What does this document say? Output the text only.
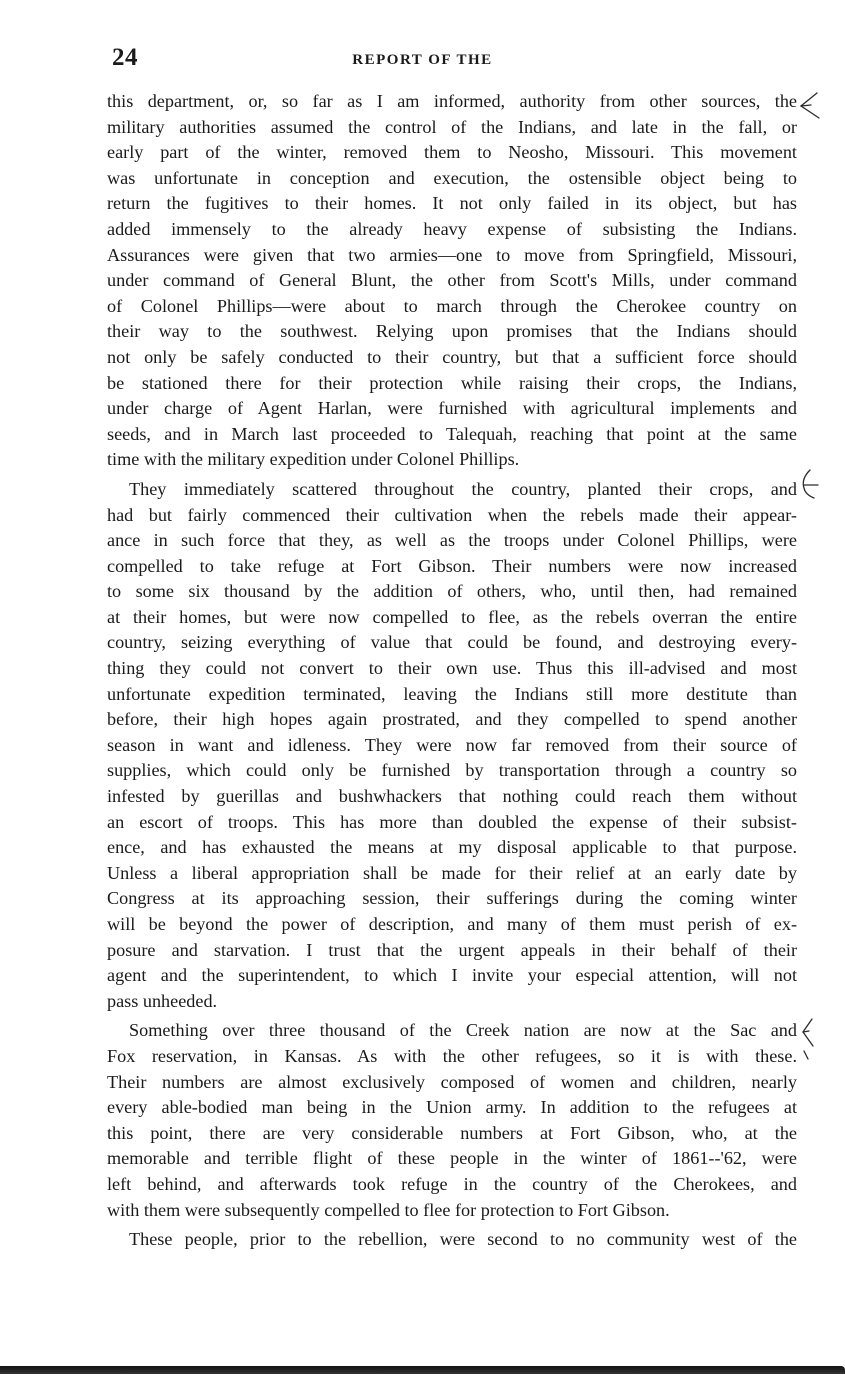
24	REPORT OF THE
this department, or, so far as I am informed, authority from other sources, the
military authorities assumed the control of the Indians, and late in the fall, or
early part of the winter, removed them to Neosho, Missouri. This movement
was unfortunate in conception and execution, the ostensible object being to
return the fugitives to their homes. It not only failed in its object, but has
added immensely to the already heavy expense of subsisting the Indians.
Assurances were given that two armies—one to move from Springfield, Missouri,
under command of General Blunt, the other from Scott's Mills, under command
of Colonel Phillips—were about to march through the Cherokee country on
their way to the southwest. Relying upon promises that the Indians should
not only be safely conducted to their country, but that a sufficient force should
be stationed there for their protection while raising their crops, the Indians,
under charge of Agent Harlan, were furnished with agricultural implements and
seeds, and in March last proceeded to Talequah, reaching that point at the same
time with the military expedition under Colonel Phillips.
They immediately scattered throughout the country, planted their crops, and
had but fairly commenced their cultivation when the rebels made their appear-
ance in such force that they, as well as the troops under Colonel Phillips, were
compelled to take refuge at Fort Gibson. Their numbers were now increased
to some six thousand by the addition of others, who, until then, had remained
at their homes, but were now compelled to flee, as the rebels overran the entire
country, seizing everything of value that could be found, and destroying every-
thing they could not convert to their own use. Thus this ill-advised and most
unfortunate expedition terminated, leaving the Indians still more destitute than
before, their high hopes again prostrated, and they compelled to spend another
season in want and idleness. They were now far removed from their source of
supplies, which could only be furnished by transportation through a country so
infested by guerillas and bushwhackers that nothing could reach them without
an escort of troops. This has more than doubled the expense of their subsist-
ence, and has exhausted the means at my disposal applicable to that purpose.
Unless a liberal appropriation shall be made for their relief at an early date by
Congress at its approaching session, their sufferings during the coming winter
will be beyond the power of description, and many of them must perish of ex-
posure and starvation. I trust that the urgent appeals in their behalf of their
agent and the superintendent, to which I invite your especial attention, will not
pass unheeded.
Something over three thousand of the Creek nation are now at the Sac and
Fox reservation, in Kansas. As with the other refugees, so it is with these.
Their numbers are almost exclusively composed of women and children, nearly
every able-bodied man being in the Union army. In addition to the refugees at
this point, there are very considerable numbers at Fort Gibson, who, at the
memorable and terrible flight of these people in the winter of 1861--'62, were
left behind, and afterwards took refuge in the country of the Cherokees, and
with them were subsequently compelled to flee for protection to Fort Gibson.
These people, prior to the rebellion, were second to no community west of the
